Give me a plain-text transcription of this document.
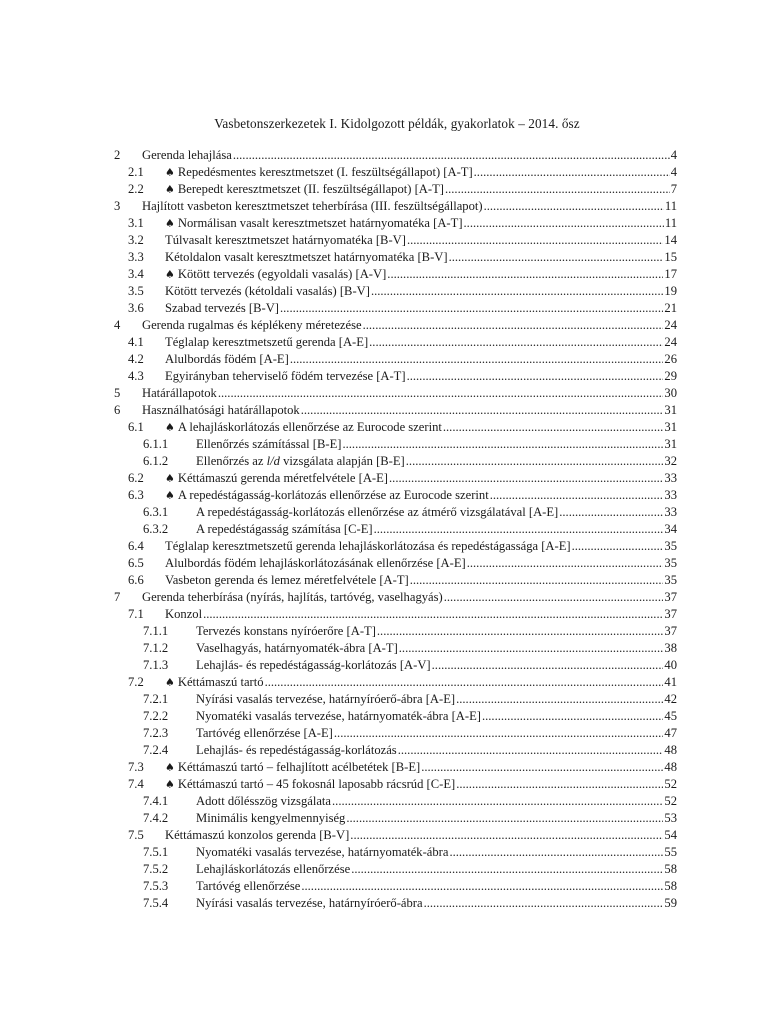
Vasbetonszerkezetek I. Kidolgozott példák, gyakorlatok – 2014. ősz
2 Gerenda lehajlása .....	4
2.1 ♠ Repedésmentes keresztmetszet (I. feszültségállapot) [A-T] .....	4
2.2 ♠ Berepedt keresztmetszet (II. feszültségállapot) [A-T] .....	7
3 Hajlított vasbeton keresztmetszet teherbírása (III. feszültségállapot) .....	11
3.1 ♠ Normálisan vasalt keresztmetszet határnyomatéka [A-T] .....	11
3.2 Túlvasalt keresztmetszet határnyomatéka [B-V] .....	14
3.3 Kétoldalon vasalt keresztmetszet határnyomatéka [B-V] .....	15
3.4 ♠ Kötött tervezés (egyoldali vasalás) [A-V] .....	17
3.5 Kötött tervezés (kétoldali vasalás) [B-V] .....	19
3.6 Szabad tervezés [B-V] .....	21
4 Gerenda rugalmas és képlékeny méretezése .....	24
4.1 Téglalap keresztmetszetű gerenda [A-E] .....	24
4.2 Alulbordás födém [A-E] .....	26
4.3 Egyirányban teherviselő födém tervezése [A-T] .....	29
5 Határállapotok .....	30
6 Használhatósági határállapotok .....	31
6.1 ♠ A lehajláskorlátozás ellenőrzése az Eurocode szerint .....	31
6.1.1 Ellenőrzés számítással [B-E] .....	31
6.1.2 Ellenőrzés az l/d vizsgálata alapján [B-E] .....	32
6.2 ♠ Kéttámaszú gerenda méretfelvétele [A-E] .....	33
6.3 ♠ A repedéstágasság-korlátozás ellenőrzése az Eurocode szerint .....	33
6.3.1 A repedéstágasság-korlátozás ellenőrzése az átmérő vizsgálatával [A-E] .....	33
6.3.2 A repedéstágasság számítása [C-E] .....	34
6.4 Téglalap keresztmetszetű gerenda lehajláskorlátozása és repedéstágassága [A-E] .....	35
6.5 Alulbordás födém lehajláskorlátozásának ellenőrzése [A-E] .....	35
6.6 Vasbeton gerenda és lemez méretfelvétele [A-T] .....	35
7 Gerenda teherbírása (nyírás, hajlítás, tartóvég, vaselhagyás) .....	37
7.1 Konzol .....	37
7.1.1 Tervezés konstans nyíróerőre [A-T] .....	37
7.1.2 Vaselhagyás, határnyomaték-ábra [A-T] .....	38
7.1.3 Lehajlás- és repedéstágasság-korlátozás [A-V] .....	40
7.2 ♠ Kéttámaszú tartó .....	41
7.2.1 Nyírási vasalás tervezése, határnyíróerő-ábra [A-E] .....	42
7.2.2 Nyomatéki vasalás tervezése, határnyomaték-ábra [A-E] .....	45
7.2.3 Tartóvég ellenőrzése [A-E] .....	47
7.2.4 Lehajlás- és repedéstágasság-korlátozás .....	48
7.3 ♠ Kéttámaszú tartó – felhajlított acélbetétek [B-E] .....	48
7.4 ♠ Kéttámaszú tartó – 45 fokosnál laposabb rácsrúd [C-E] .....	52
7.4.1 Adott dőlésszög vizsgálata .....	52
7.4.2 Minimális kengyelmennyiség .....	53
7.5 Kéttámaszú konzolos gerenda [B-V] .....	54
7.5.1 Nyomatéki vasalás tervezése, határnyomaték-ábra .....	55
7.5.2 Lehajláskorlátozás ellenőrzése .....	58
7.5.3 Tartóvég ellenőrzése .....	58
7.5.4 Nyírási vasalás tervezése, határnyíróerő-ábra .....	59
